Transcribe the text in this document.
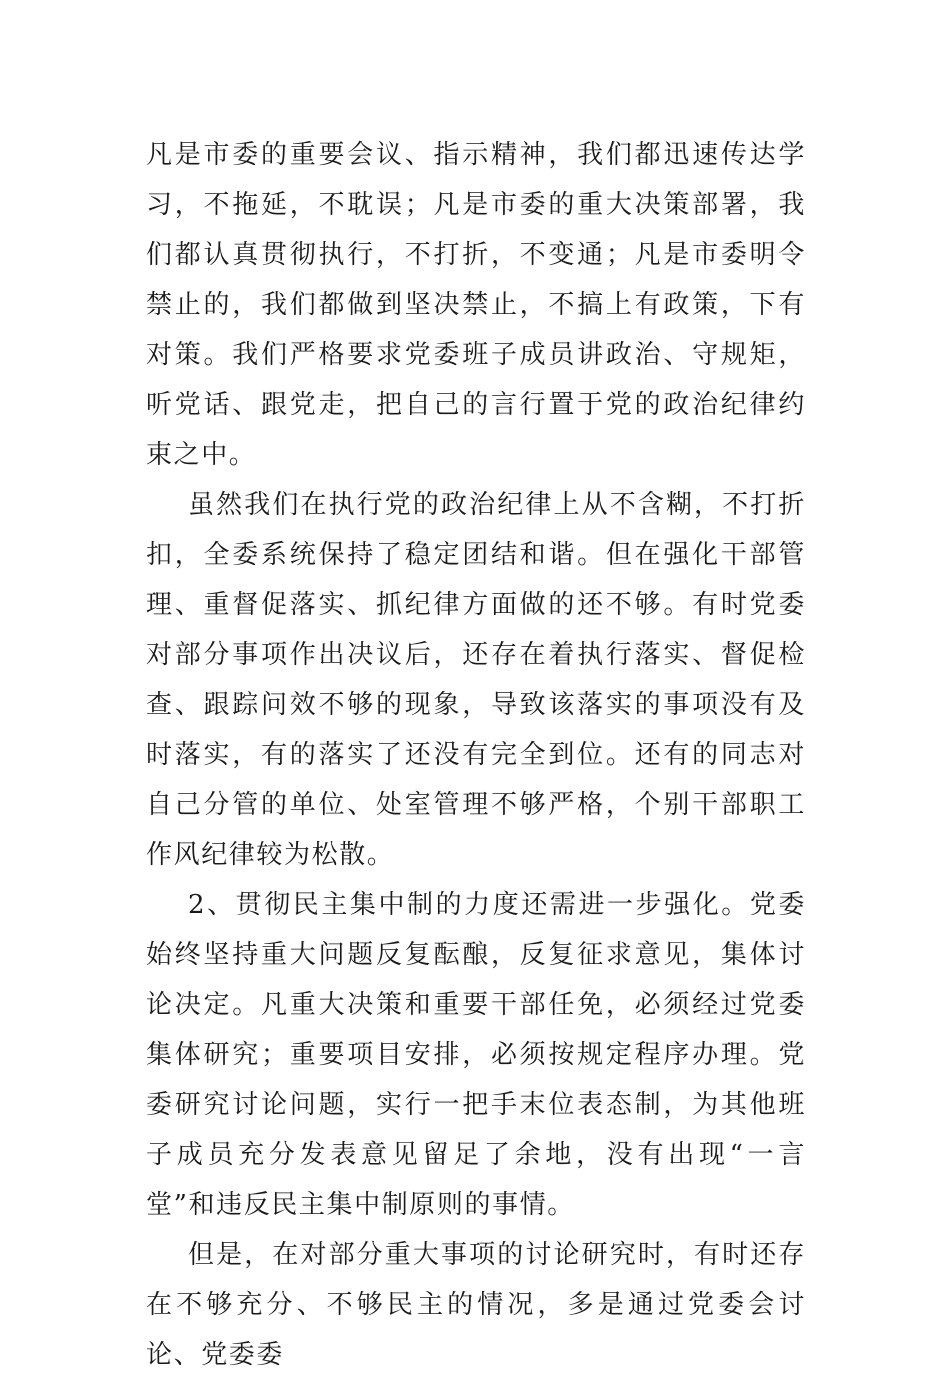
凡是市委的重要会议、指示精神，我们都迅速传达学习，不拖延，不耽误；凡是市委的重大决策部署，我们都认真贯彻执行，不打折，不变通；凡是市委明令禁止的，我们都做到坚决禁止，不搞上有政策，下有对策。我们严格要求党委班子成员讲政治、守规矩，听党话、跟党走，把自己的言行置于党的政治纪律约束之中。

虽然我们在执行党的政治纪律上从不含糊，不打折扣，全委系统保持了稳定团结和谐。但在强化干部管理、重督促落实、抓纪律方面做的还不够。有时党委对部分事项作出决议后，还存在着执行落实、督促检查、跟踪问效不够的现象，导致该落实的事项没有及时落实，有的落实了还没有完全到位。还有的同志对自己分管的单位、处室管理不够严格，个别干部职工作风纪律较为松散。

2、贯彻民主集中制的力度还需进一步强化。党委始终坚持重大问题反复酝酿，反复征求意见，集体讨论决定。凡重大决策和重要干部任免，必须经过党委集体研究；重要项目安排，必须按规定程序办理。党委研究讨论问题，实行一把手末位表态制，为其他班子成员充分发表意见留足了余地，没有出现“一言堂”和违反民主集中制原则的事情。

但是，在对部分重大事项的讨论研究时，有时还存在不够充分、不够民主的情况，多是通过党委会讨论、党委委
